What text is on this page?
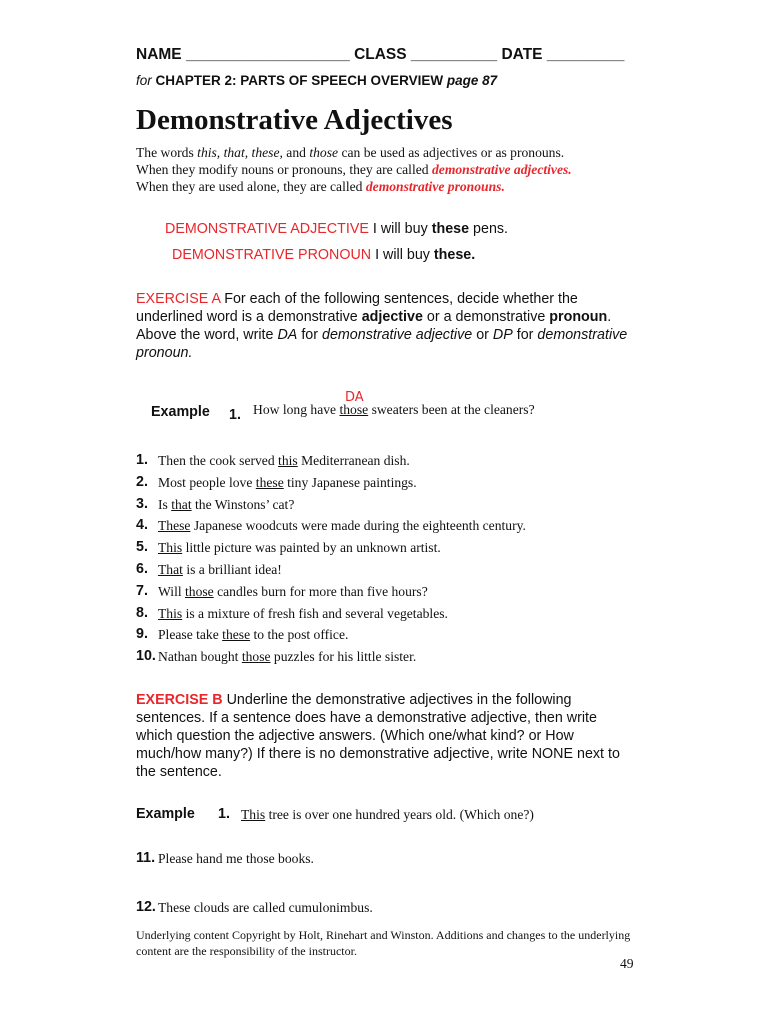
NAME ___________________ CLASS __________ DATE _________
for CHAPTER 2: PARTS OF SPEECH OVERVIEW page 87
Demonstrative Adjectives
The words this, that, these, and those can be used as adjectives or as pronouns.
When they modify nouns or pronouns, they are called demonstrative adjectives.
When they are used alone, they are called demonstrative pronouns.
DEMONSTRATIVE ADJECTIVE I will buy these pens.
DEMONSTRATIVE PRONOUN I will buy these.
EXERCISE A For each of the following sentences, decide whether the underlined word is a demonstrative adjective or a demonstrative pronoun. Above the word, write DA for demonstrative adjective or DP for demonstrative pronoun.
Example 1.
DA
How long have those sweaters been at the cleaners?
1. Then the cook served this Mediterranean dish.
2. Most people love these tiny Japanese paintings.
3. Is that the Winstons’ cat?
4. These Japanese woodcuts were made during the eighteenth century.
5. This little picture was painted by an unknown artist.
6. That is a brilliant idea!
7. Will those candles burn for more than five hours?
8. This is a mixture of fresh fish and several vegetables.
9. Please take these to the post office.
10. Nathan bought those puzzles for his little sister.
EXERCISE B Underline the demonstrative adjectives in the following sentences. If a sentence does have a demonstrative adjective, then write which question the adjective answers. (Which one/what kind? or How much/how many?) If there is no demonstrative adjective, write NONE next to the sentence.
Example 1. This tree is over one hundred years old. (Which one?)
11. Please hand me those books.
12. These clouds are called cumulonimbus.
Underlying content Copyright by Holt, Rinehart and Winston. Additions and changes to the underlying content are the responsibility of the instructor.
49
